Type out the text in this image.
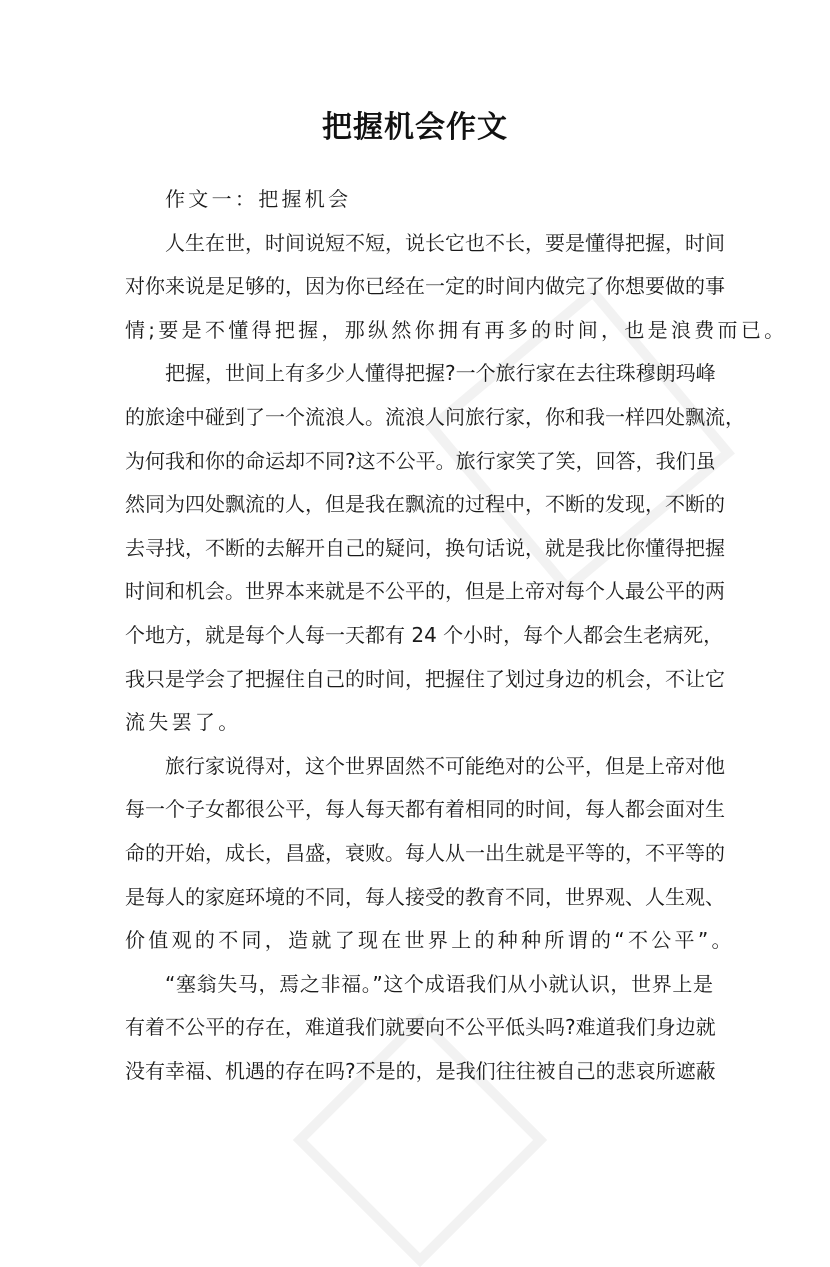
把握机会作文
作文一：把握机会
人生在世，时间说短不短，说长它也不长，要是懂得把握，时间
对你来说是足够的，因为你已经在一定的时间内做完了你想要做的事
情;要是不懂得把握，那纵然你拥有再多的时间，也是浪费而已。
把握，世间上有多少人懂得把握?一个旅行家在去往珠穆朗玛峰
的旅途中碰到了一个流浪人。流浪人问旅行家，你和我一样四处飘流，
为何我和你的命运却不同?这不公平。旅行家笑了笑，回答，我们虽
然同为四处飘流的人，但是我在飘流的过程中，不断的发现，不断的
去寻找，不断的去解开自己的疑问，换句话说，就是我比你懂得把握
时间和机会。世界本来就是不公平的，但是上帝对每个人最公平的两
个地方，就是每个人每一天都有 24 个小时，每个人都会生老病死，
我只是学会了把握住自己的时间，把握住了划过身边的机会，不让它
流失罢了。
旅行家说得对，这个世界固然不可能绝对的公平，但是上帝对他
每一个子女都很公平，每人每天都有着相同的时间，每人都会面对生
命的开始，成长，昌盛，衰败。每人从一出生就是平等的，不平等的
是每人的家庭环境的不同，每人接受的教育不同，世界观、人生观、
价值观的不同，造就了现在世界上的种种所谓的“不公平”。
“塞翁失马，焉之非福。”这个成语我们从小就认识，世界上是
有着不公平的存在，难道我们就要向不公平低头吗?难道我们身边就
没有幸福、机遇的存在吗?不是的，是我们往往被自己的悲哀所遮蔽
